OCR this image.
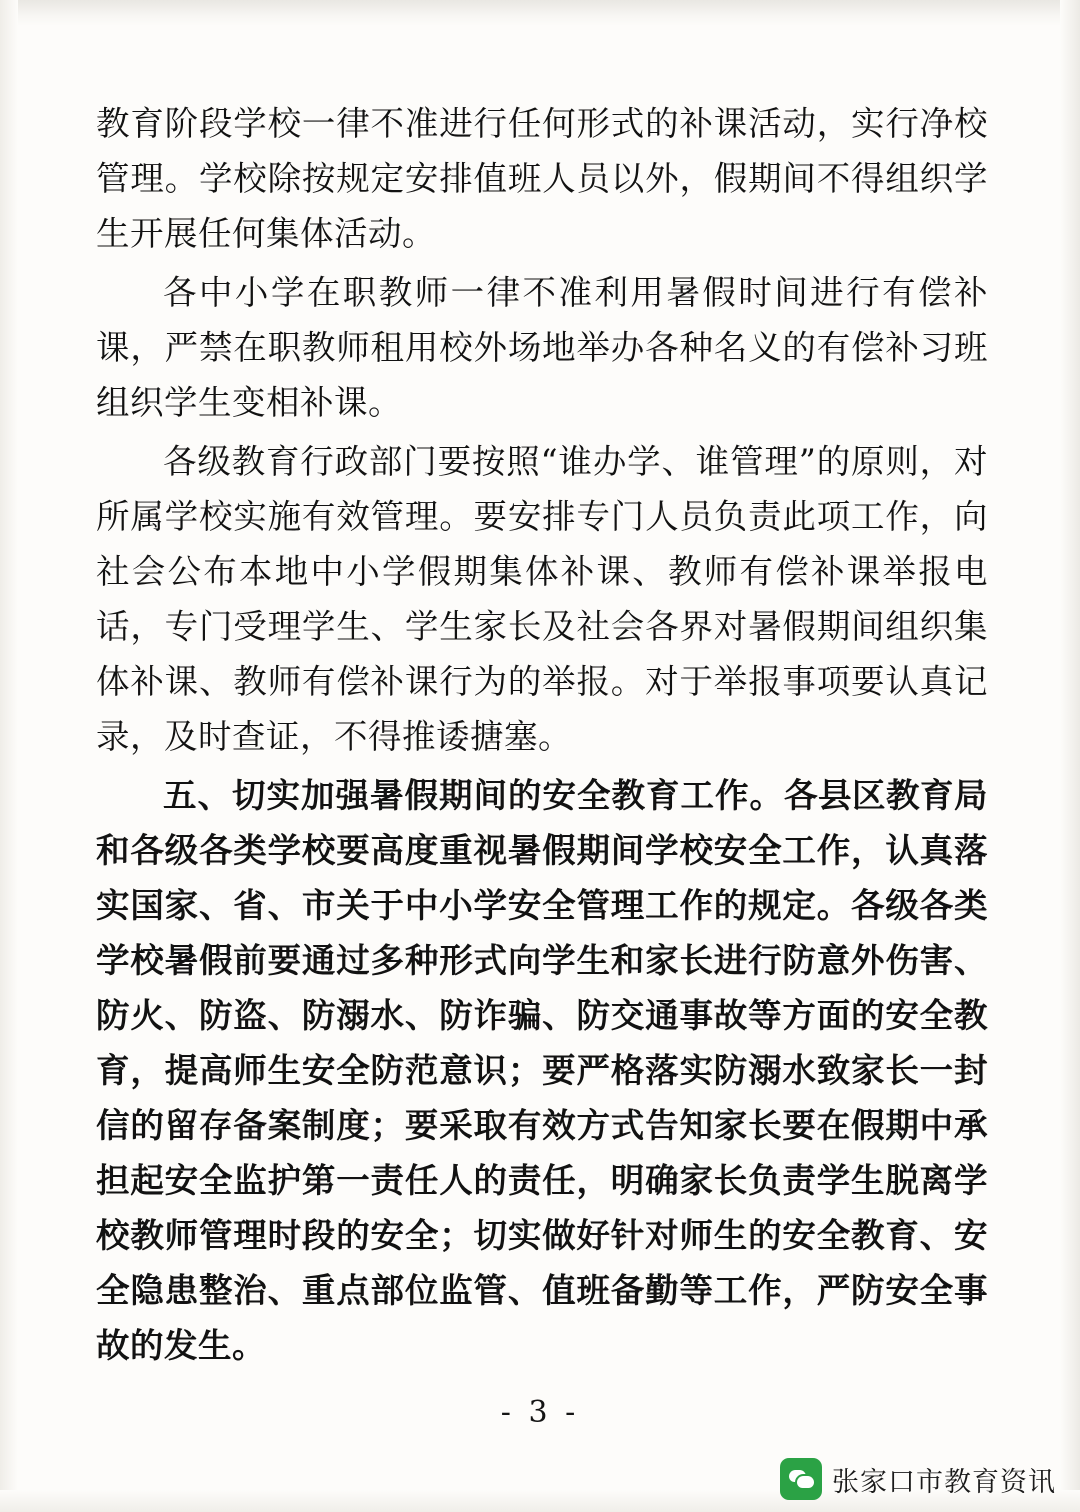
教育阶段学校一律不准进行任何形式的补课活动，实行净校管理。学校除按规定安排值班人员以外，假期间不得组织学生开展任何集体活动。

各中小学在职教师一律不准利用暑假时间进行有偿补课，严禁在职教师租用校外场地举办各种名义的有偿补习班组织学生变相补课。

各级教育行政部门要按照“谁办学、谁管理”的原则，对所属学校实施有效管理。要安排专门人员负责此项工作，向社会公布本地中小学假期集体补课、教师有偿补课举报电话，专门受理学生、学生家长及社会各界对暑假期间组织集体补课、教师有偿补课行为的举报。对于举报事项要认真记录，及时查证，不得推诿搪塞。

五、切实加强暑假期间的安全教育工作。各县区教育局和各级各类学校要高度重视暑假期间学校安全工作，认真落实国家、省、市关于中小学安全管理工作的规定。各级各类学校暑假前要通过多种形式向学生和家长进行防意外伤害、防火、防盗、防溺水、防诈骗、防交通事故等方面的安全教育，提高师生安全防范意识；要严格落实防溺水致家长一封信的留存备案制度；要采取有效方式告知家长要在假期中承担起安全监护第一责任人的责任，明确家长负责学生脱离学校教师管理时段的安全；切实做好针对师生的安全教育、安全隐患整治、重点部位监管、值班备勤等工作，严防安全事故的发生。

- 3 -
张家口市教育资讯
